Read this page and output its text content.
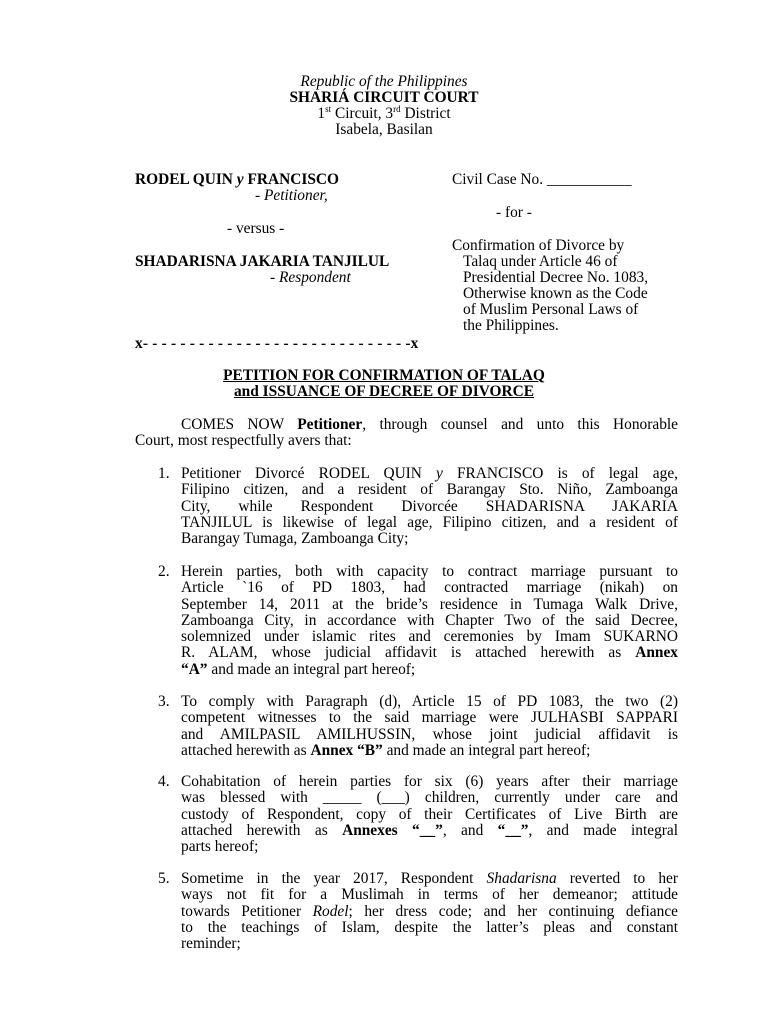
Republic of the Philippines
SHARIÁ CIRCUIT COURT
1st Circuit, 3rd District
Isabela, Basilan
RODEL QUIN y FRANCISCO
- Petitioner,
- versus -
SHADARISNA JAKARIA TANJILUL
- Respondent
x- - - - - - - - - - - - - - - - - - - - - - - - - - - - -x
Civil Case No. ___________
- for -
Confirmation of Divorce by
Talaq under Article 46 of
Presidential Decree No. 1083,
Otherwise known as the Code
of Muslim Personal Laws of
the Philippines.
PETITION FOR CONFIRMATION OF TALAQ
and ISSUANCE OF DECREE OF DIVORCE
COMES NOW Petitioner, through counsel and unto this Honorable
Court, most respectfully avers that:
1. Petitioner Divorcé RODEL QUIN y FRANCISCO is of legal age,
Filipino citizen, and a resident of Barangay Sto. Niño, Zamboanga
City, while Respondent Divorcée SHADARISNA JAKARIA
TANJILUL is likewise of legal age, Filipino citizen, and a resident of
Barangay Tumaga, Zamboanga City;
2. Herein parties, both with capacity to contract marriage pursuant to
Article `16 of PD 1803, had contracted marriage (nikah) on
September 14, 2011 at the bride’s residence in Tumaga Walk Drive,
Zamboanga City, in accordance with Chapter Two of the said Decree,
solemnized under islamic rites and ceremonies by Imam SUKARNO
R. ALAM, whose judicial affidavit is attached herewith as Annex
“A” and made an integral part hereof;
3. To comply with Paragraph (d), Article 15 of PD 1083, the two (2)
competent witnesses to the said marriage were JULHASBI SAPPARI
and AMILPASIL AMILHUSSIN, whose joint judicial affidavit is
attached herewith as Annex “B” and made an integral part hereof;
4. Cohabitation of herein parties for six (6) years after their marriage
was blessed with _____ (___) children, currently under care and
custody of Respondent, copy of their Certificates of Live Birth are
attached herewith as Annexes “__”, and “__”, and made integral
parts hereof;
5. Sometime in the year 2017, Respondent Shadarisna reverted to her
ways not fit for a Muslimah in terms of her demeanor; attitude
towards Petitioner Rodel; her dress code; and her continuing defiance
to the teachings of Islam, despite the latter’s pleas and constant
reminder;
